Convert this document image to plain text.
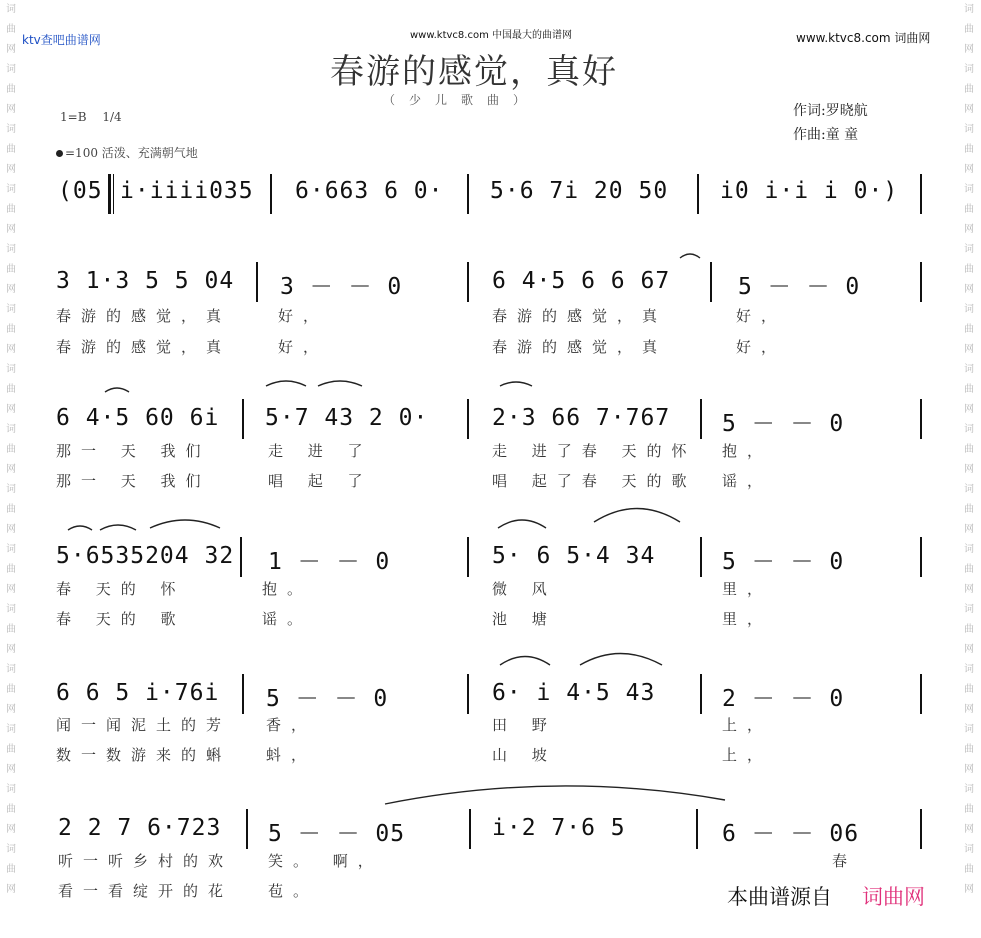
词
曲
网
词
曲
网
词
曲
网
词
曲
网
词
曲
网
词
曲
网
词
曲
网
词
曲
网
词
曲
网
词
曲
网
词
曲
网
词
曲
网
词
曲
网
词
曲
网
词
曲
网
词
曲
网
词
曲
网
词
曲
网
词
曲
网
词
曲
网
词
曲
网
词
曲
网
词
曲
网
词
曲
网
词
曲
网
词
曲
网
词
曲
网
词
曲
网
词
曲
网
词
曲
网
ktv查吧曲谱网	www.ktvc8.com 中国最大的曲谱网	www.ktvc8.com 词曲网
春游的感觉，真好
（少儿歌曲）
作词:罗晓航
作曲:童 童
1=B 1/4
=100 活泼、充满朝气地
(05 i·iiii035 6·663 6 0· 5·6 7i 20 50 i0 i·i i 0·)
3 1·3 5 5 04 3 － － 0	6 4·5 6 6 67	5 － － 0
春游的感觉，真	好，	春游的感觉，真	好，
春游的感觉，真	好，	春游的感觉，真	好，
6 4·5 60 6i 5·7 43 2 0·	2·3 66 7·767 5 － － 0
那一 天 我们	走 进 了	走 进了春 天的怀 抱，
那一 天 我们	唱 起 了	唱 起了春 天的歌 谣，
5·6535204 32 1 － － 0	5· 6 5·4 34	5 － － 0
春 天的 怀	抱。	微 风	里，
春 天的 歌	谣。	池 塘	里，
6 6 5 i·76i 5 － － 0	6· i 4·5 43	2 － － 0
闻一闻泥土的芳 香，	田 野	上，
数一数游来的蝌 蚪，	山 坡	上，
2 2 7 6·723 5 － － 05	i·2 7·6 5	6 － － 06
听一听乡村的欢 笑。 啊，	春
看一看绽开的花 苞。	本曲谱源自 词曲网
